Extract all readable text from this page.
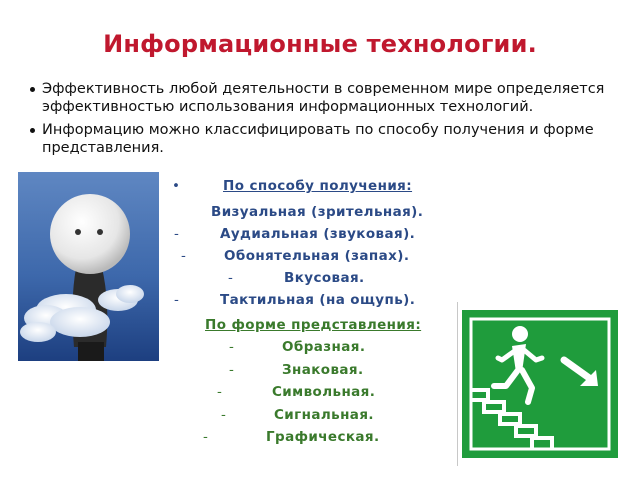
Информационные технологии.
Эффективность любой деятельности в современном мире определяется эффективностью использования информационных технологий.
Информацию можно классифицировать по способу получения и форме представления.
•	По способу получения:
Визуальная (зрительная).
-	Аудиальная (звуковая).
-	Обонятельная (запах).
-	Вкусовая.
-	Тактильная (на ощупь).
По форме представления:
-	Образная.
-	Знаковая.
-	Символьная.
-	Сигнальная.
-	Графическая.
